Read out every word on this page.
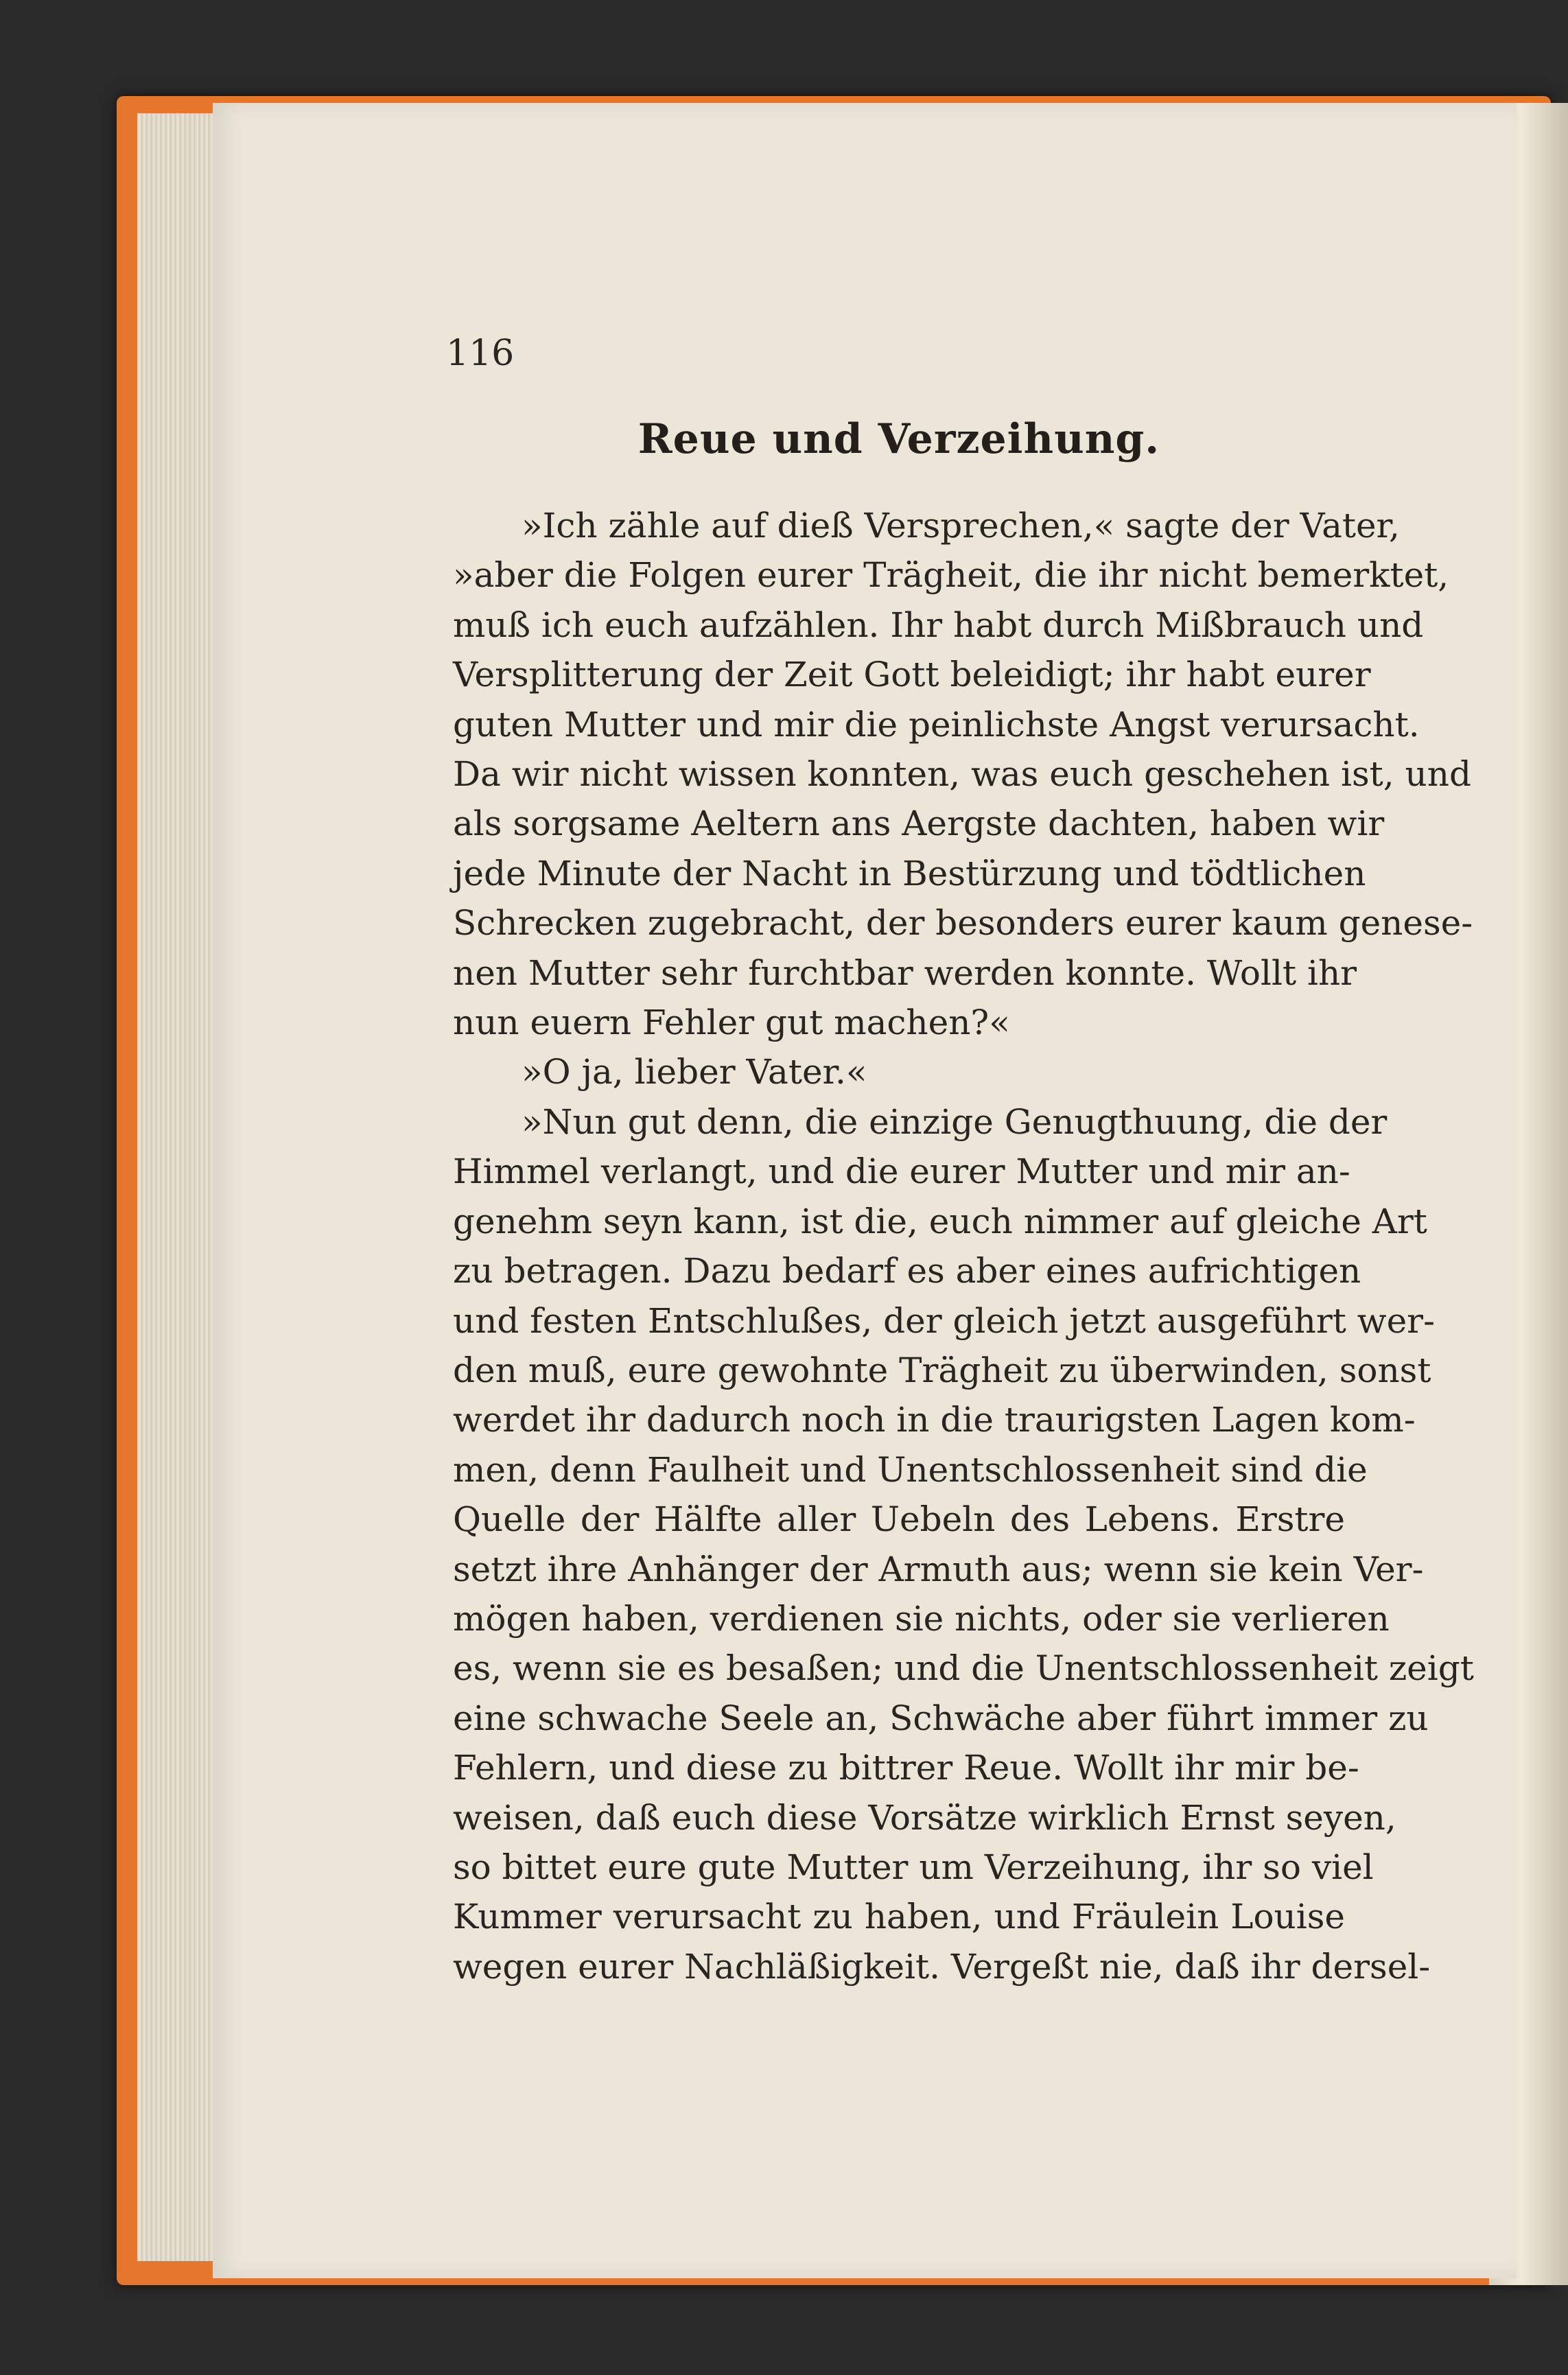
116
Reue und Verzeihung.
»Ich zähle auf dieß Versprechen,« sagte der Vater,
»aber die Folgen eurer Trägheit, die ihr nicht bemerktet,
muß ich euch aufzählen. Ihr habt durch Mißbrauch und
Versplitterung der Zeit Gott beleidigt; ihr habt eurer
guten Mutter und mir die peinlichste Angst verursacht.
Da wir nicht wissen konnten, was euch geschehen ist, und
als sorgsame Aeltern ans Aergste dachten, haben wir
jede Minute der Nacht in Bestürzung und tödtlichen
Schrecken zugebracht, der besonders eurer kaum genese-
nen Mutter sehr furchtbar werden konnte. Wollt ihr
nun euern Fehler gut machen?«
»O ja, lieber Vater.«
»Nun gut denn, die einzige Genugthuung, die der
Himmel verlangt, und die eurer Mutter und mir an-
genehm seyn kann, ist die, euch nimmer auf gleiche Art
zu betragen. Dazu bedarf es aber eines aufrichtigen
und festen Entschlußes, der gleich jetzt ausgeführt wer-
den muß, eure gewohnte Trägheit zu überwinden, sonst
werdet ihr dadurch noch in die traurigsten Lagen kom-
men, denn Faulheit und Unentschlossenheit sind die
Quelle der Hälfte aller Uebeln des Lebens. Erstre
setzt ihre Anhänger der Armuth aus; wenn sie kein Ver-
mögen haben, verdienen sie nichts, oder sie verlieren
es, wenn sie es besaßen; und die Unentschlossenheit zeigt
eine schwache Seele an, Schwäche aber führt immer zu
Fehlern, und diese zu bittrer Reue. Wollt ihr mir be-
weisen, daß euch diese Vorsätze wirklich Ernst seyen,
so bittet eure gute Mutter um Verzeihung, ihr so viel
Kummer verursacht zu haben, und Fräulein Louise
wegen eurer Nachläßigkeit. Vergeßt nie, daß ihr dersel-
